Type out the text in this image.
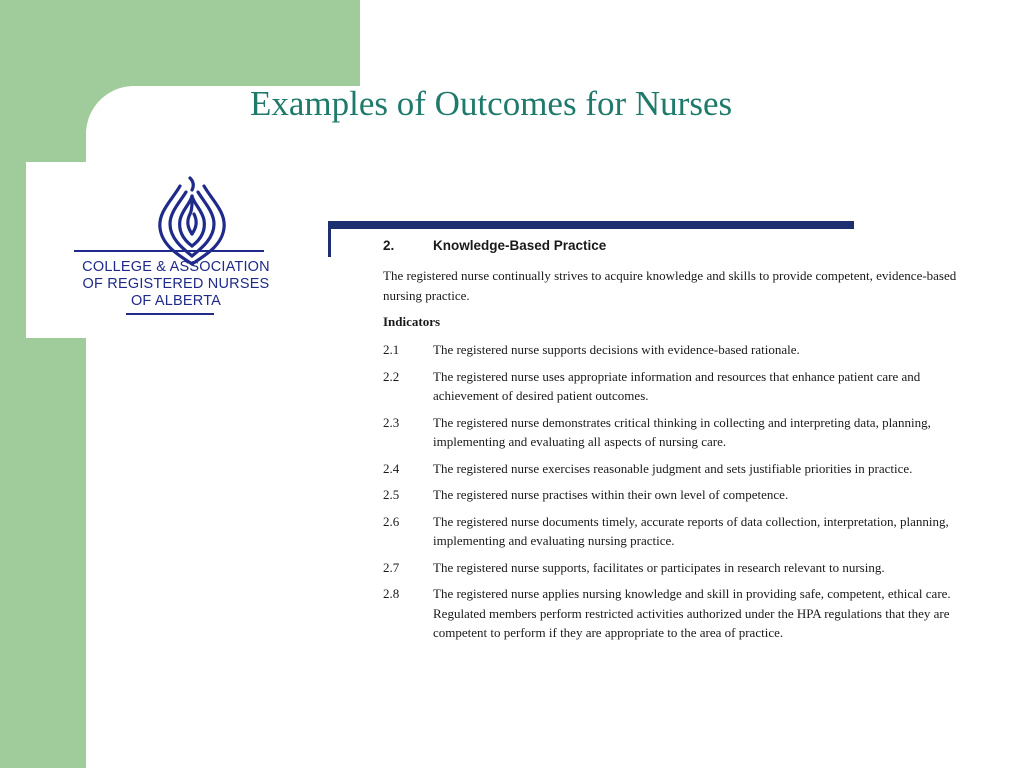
COLLEGE & ASSOCIATION
OF REGISTERED NURSES
OF ALBERTA
Examples of Outcomes for Nurses
2.	Knowledge-Based Practice
The registered nurse continually strives to acquire knowledge and skills to provide competent, evidence-based nursing practice.
Indicators
2.1	The registered nurse supports decisions with evidence-based rationale.
2.2	The registered nurse uses appropriate information and resources that enhance patient care and achievement of desired patient outcomes.
2.3	The registered nurse demonstrates critical thinking in collecting and interpreting data, planning, implementing and evaluating all aspects of nursing care.
2.4	The registered nurse exercises reasonable judgment and sets justifiable priorities in practice.
2.5	The registered nurse practises within their own level of competence.
2.6	The registered nurse documents timely, accurate reports of data collection, interpretation, planning, implementing and evaluating nursing practice.
2.7	The registered nurse supports, facilitates or participates in research relevant to nursing.
2.8	The registered nurse applies nursing knowledge and skill in providing safe, competent, ethical care. Regulated members perform restricted activities authorized under the HPA regulations that they are competent to perform if they are appropriate to the area of practice.
